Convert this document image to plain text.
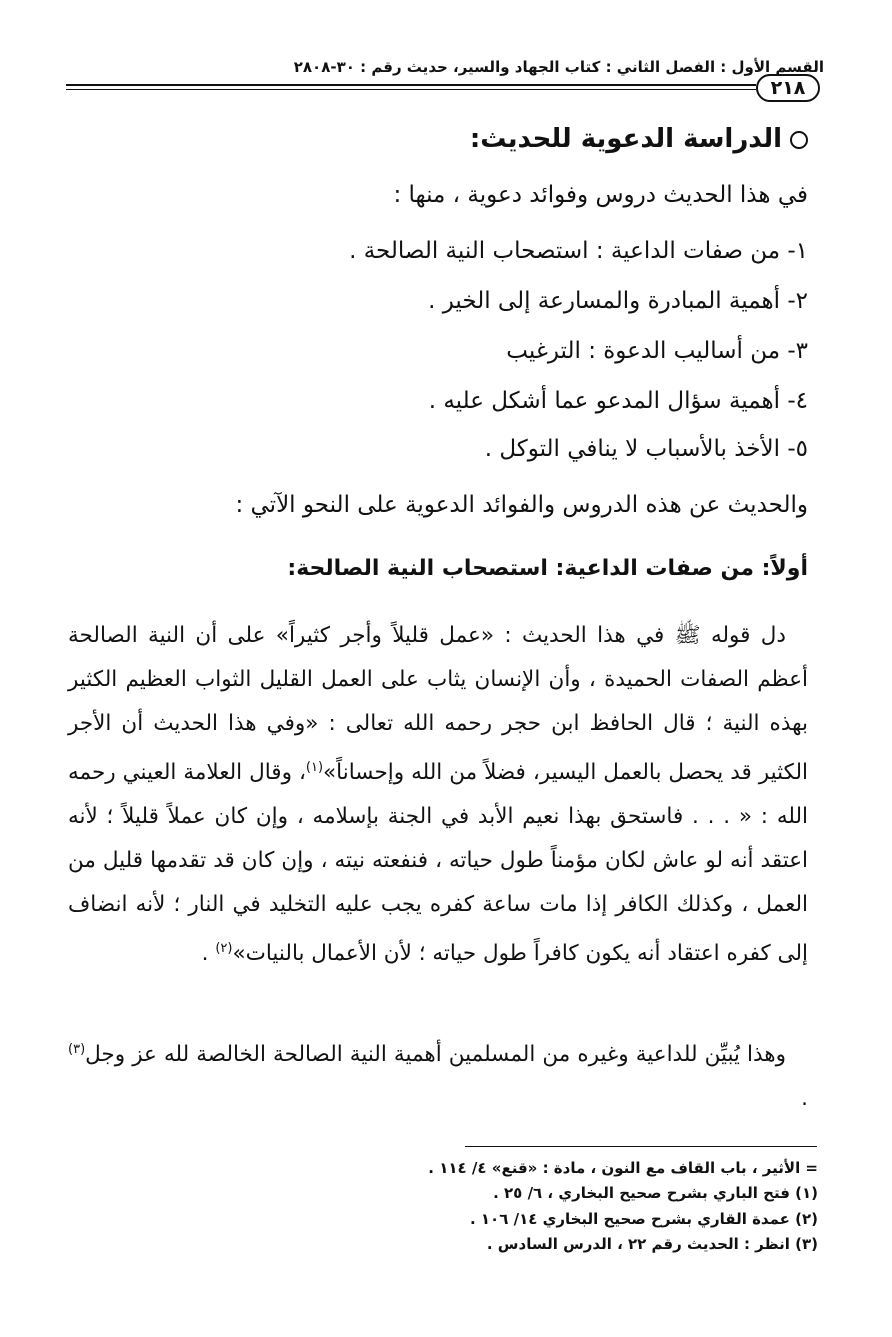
القسم الأول : الفصل الثاني : كتاب الجهاد والسير، حديث رقم : ٣٠-٢٨٠٨
٢١٨
الدراسة الدعوية للحديث:
في هذا الحديث دروس وفوائد دعوية ، منها :
١- من صفات الداعية : استصحاب النية الصالحة .
٢- أهمية المبادرة والمسارعة إلى الخير .
٣- من أساليب الدعوة : الترغيب
٤- أهمية سؤال المدعو عما أشكل عليه .
٥- الأخذ بالأسباب لا ينافي التوكل .
والحديث عن هذه الدروس والفوائد الدعوية على النحو الآتي :
أولاً: من صفات الداعية: استصحاب النية الصالحة:
دل قوله ﷺ في هذا الحديث : «عمل قليلاً وأجر كثيراً» على أن النية الصالحة أعظم الصفات الحميدة ، وأن الإنسان يثاب على العمل القليل الثواب العظيم الكثير بهذه النية ؛ قال الحافظ ابن حجر رحمه الله تعالى : «وفي هذا الحديث أن الأجر الكثير قد يحصل بالعمل اليسير، فضلاً من الله وإحساناً»$^{(١)}$، وقال العلامة العيني رحمه الله : « . . . فاستحق بهذا نعيم الأبد في الجنة بإسلامه ، وإن كان عملاً قليلاً ؛ لأنه اعتقد أنه لو عاش لكان مؤمناً طول حياته ، فنفعته نيته ، وإن كان قد تقدمها قليل من العمل ، وكذلك الكافر إذا مات ساعة كفره يجب عليه التخليد في النار ؛ لأنه انضاف إلى كفره اعتقاد أنه يكون كافراً طول حياته ؛ لأن الأعمال بالنيات»$^{(٢)}$ .
وهذا يُبيِّن للداعية وغيره من المسلمين أهمية النية الصالحة الخالصة لله عز وجل$^{(٣)}$ .
= الأثير ، باب القاف مع النون ، مادة : «قنع» ٤/ ١١٤ .
(١) فتح الباري بشرح صحيح البخاري ، ٦/ ٢٥ .
(٢) عمدة القاري بشرح صحيح البخاري ١٤/ ١٠٦ .
(٣) انظر : الحديث رقم ٢٢ ، الدرس السادس .
